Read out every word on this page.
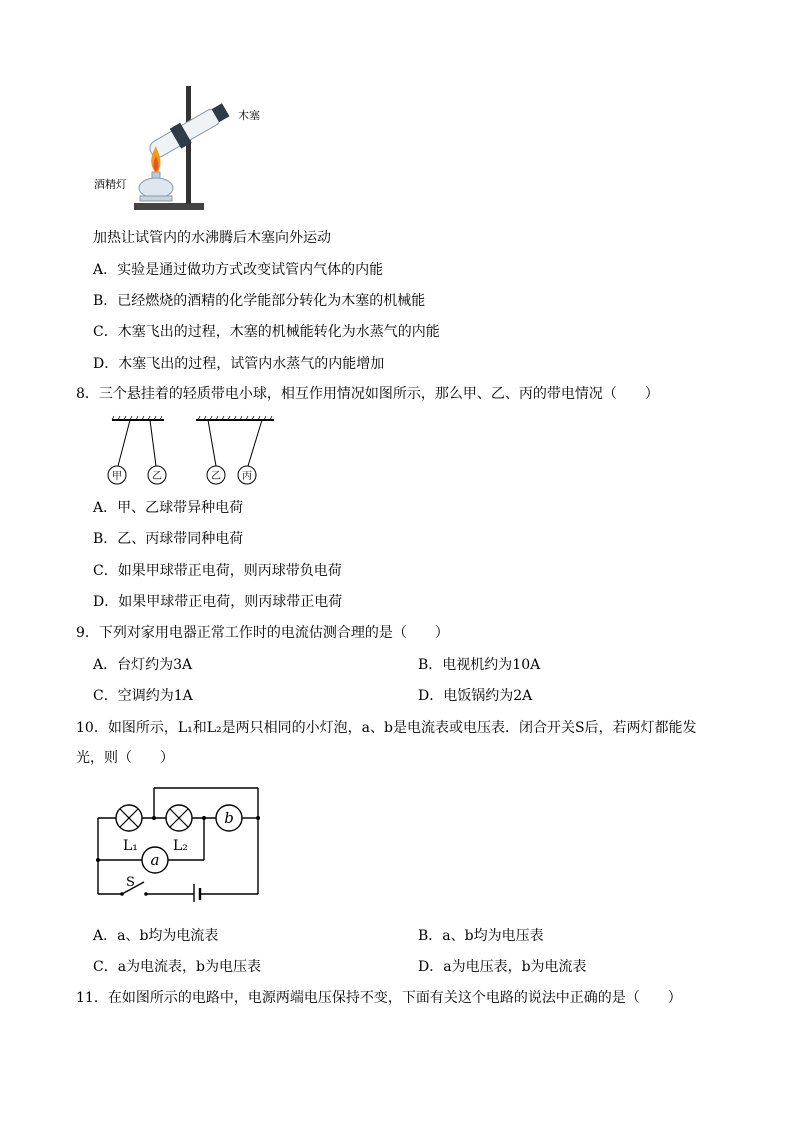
木塞
酒精灯
加热让试管内的水沸腾后木塞向外运动
A．实验是通过做功方式改变试管内气体的内能
B．已经燃烧的酒精的化学能部分转化为木塞的机械能
C．木塞飞出的过程，木塞的机械能转化为水蒸气的内能
D．木塞飞出的过程，试管内水蒸气的内能增加
8．三个悬挂着的轻质带电小球，相互作用情况如图所示，那么甲、乙、丙的带电情况（　　）
甲	乙	乙 丙
A．甲、乙球带异种电荷
B．乙、丙球带同种电荷
C．如果甲球带正电荷，则丙球带负电荷
D．如果甲球带正电荷，则丙球带正电荷
9．下列对家用电器正常工作时的电流估测合理的是（　　）
A．台灯约为3A	B．电视机约为10A
C．空调约为1A	D．电饭锅约为2A
10．如图所示，L₁和L₂是两只相同的小灯泡，a、b是电流表或电压表．闭合开关S后，若两灯都能发
光，则（　　）
b
a
L₁	L₂
S
A．a、b均为电流表	B．a、b均为电压表
C．a为电流表，b为电压表	D．a为电压表，b为电流表
11．在如图所示的电路中，电源两端电压保持不变，下面有关这个电路的说法中正确的是（　　）
